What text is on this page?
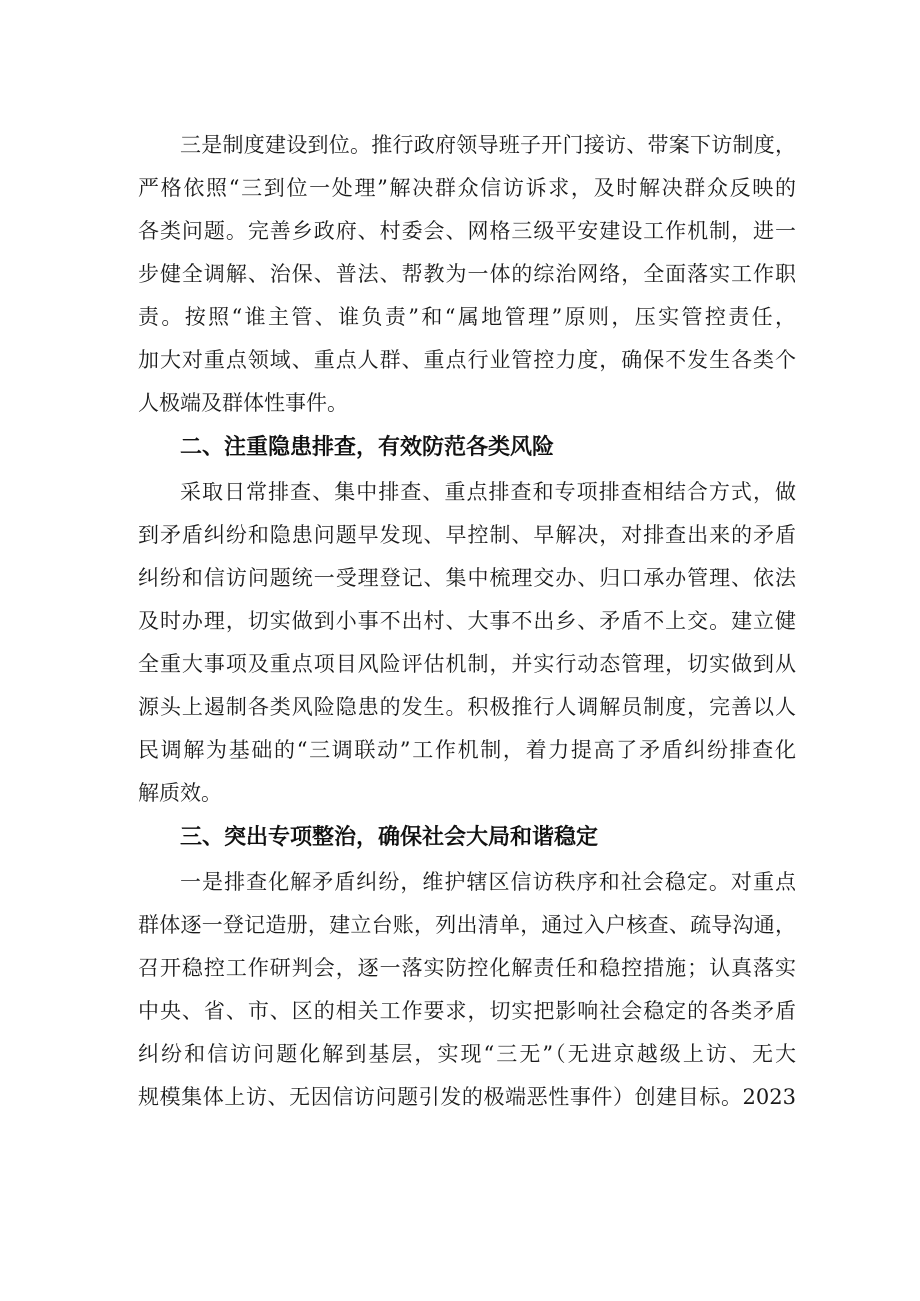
三是制度建设到位。推行政府领导班子开门接访、带案下访制度，
严格依照“三到位一处理”解决群众信访诉求，及时解决群众反映的
各类问题。完善乡政府、村委会、网格三级平安建设工作机制，进一
步健全调解、治保、普法、帮教为一体的综治网络，全面落实工作职
责。按照“谁主管、谁负责”和“属地管理”原则，压实管控责任，
加大对重点领域、重点人群、重点行业管控力度，确保不发生各类个
人极端及群体性事件。
二、注重隐患排查，有效防范各类风险
采取日常排查、集中排查、重点排查和专项排查相结合方式，做
到矛盾纠纷和隐患问题早发现、早控制、早解决，对排查出来的矛盾
纠纷和信访问题统一受理登记、集中梳理交办、归口承办管理、依法
及时办理，切实做到小事不出村、大事不出乡、矛盾不上交。建立健
全重大事项及重点项目风险评估机制，并实行动态管理，切实做到从
源头上遏制各类风险隐患的发生。积极推行人调解员制度，完善以人
民调解为基础的“三调联动”工作机制，着力提高了矛盾纠纷排查化
解质效。
三、突出专项整治，确保社会大局和谐稳定
一是排查化解矛盾纠纷，维护辖区信访秩序和社会稳定。对重点
群体逐一登记造册，建立台账，列出清单，通过入户核查、疏导沟通，
召开稳控工作研判会，逐一落实防控化解责任和稳控措施；认真落实
中央、省、市、区的相关工作要求，切实把影响社会稳定的各类矛盾
纠纷和信访问题化解到基层，实现“三无”（无进京越级上访、无大
规模集体上访、无因信访问题引发的极端恶性事件）创建目标。2023
